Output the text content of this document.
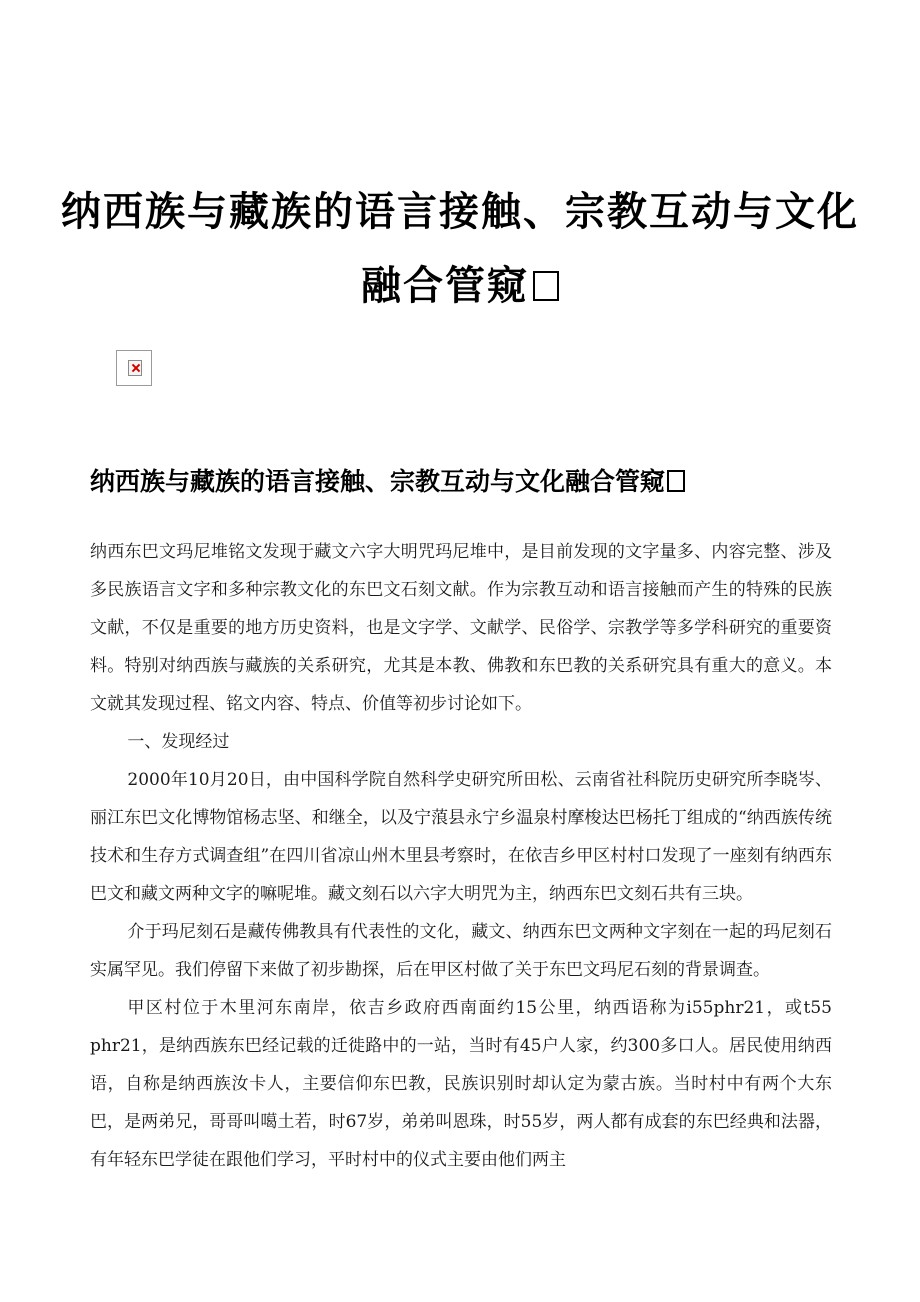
纳西族与藏族的语言接触、宗教互动与文化
融合管窥
纳西族与藏族的语言接触、宗教互动与文化融合管窥

纳西东巴文玛尼堆铭文发现于藏文六字大明咒玛尼堆中，是目前发现的文字量多、内容完整、涉及多民族语言文字和多种宗教文化的东巴文石刻文献。作为宗教互动和语言接触而产生的特殊的民族文献，不仅是重要的地方历史资料，也是文字学、文献学、民俗学、宗教学等多学科研究的重要资料。特别对纳西族与藏族的关系研究，尤其是本教、佛教和东巴教的关系研究具有重大的意义。本文就其发现过程、铭文内容、特点、价值等初步讨论如下。

一、发现经过

2000年10月20日，由中国科学院自然科学史研究所田松、云南省社科院历史研究所李晓岑、丽江东巴文化博物馆杨志坚、和继全，以及宁蒗县永宁乡温泉村摩梭达巴杨托丁组成的“纳西族传统技术和生存方式调查组”在四川省凉山州木里县考察时，在依吉乡甲区村村口发现了一座刻有纳西东巴文和藏文两种文字的嘛呢堆。藏文刻石以六字大明咒为主，纳西东巴文刻石共有三块。

介于玛尼刻石是藏传佛教具有代表性的文化，藏文、纳西东巴文两种文字刻在一起的玛尼刻石实属罕见。我们停留下来做了初步勘探，后在甲区村做了关于东巴文玛尼石刻的背景调查。

甲区村位于木里河东南岸，依吉乡政府西南面约15公里，纳西语称为i55phr21，或t55 phr21，是纳西族东巴经记载的迁徙路中的一站，当时有45户人家，约300多口人。居民使用纳西语，自称是纳西族汝卡人，主要信仰东巴教，民族识别时却认定为蒙古族。当时村中有两个大东巴，是两弟兄，哥哥叫噶土若，时67岁，弟弟叫恩珠，时55岁，两人都有成套的东巴经典和法器，有年轻东巴学徒在跟他们学习，平时村中的仪式主要由他们两主
